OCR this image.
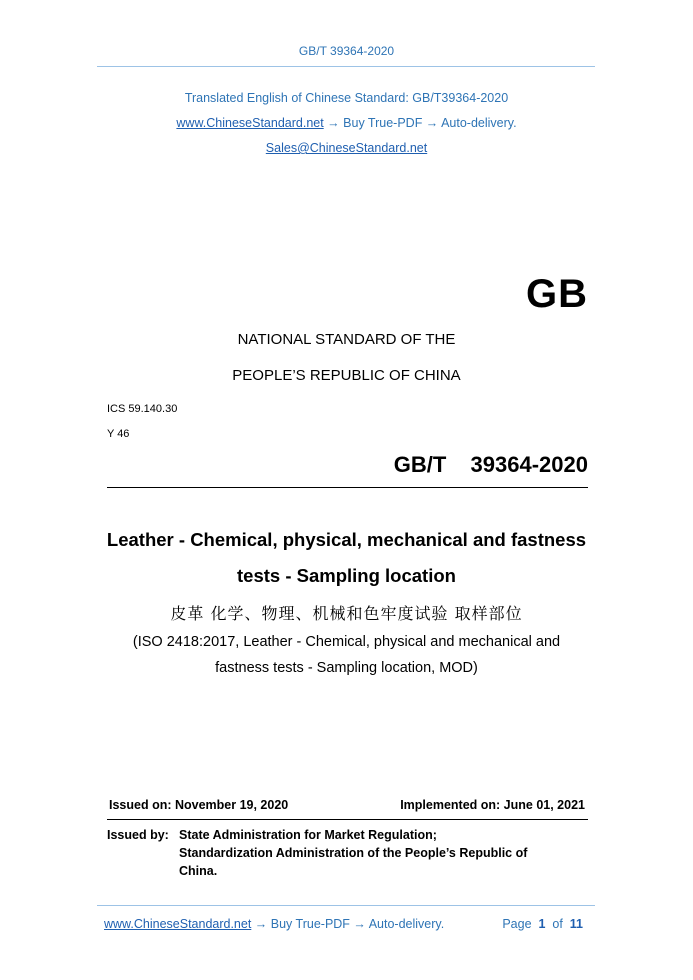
GB/T 39364-2020
Translated English of Chinese Standard: GB/T39364-2020
www.ChineseStandard.net → Buy True-PDF → Auto-delivery.
Sales@ChineseStandard.net
GB
NATIONAL STANDARD OF THE
PEOPLE’S REPUBLIC OF CHINA
ICS 59.140.30
Y 46
GB/T  39364-2020
Leather - Chemical, physical, mechanical and fastness
tests - Sampling location
皮革 化学、物理、机械和色牢度试验 取样部位
(ISO 2418:2017, Leather - Chemical, physical and mechanical and
fastness tests - Sampling location, MOD)
Issued on: November 19, 2020	Implemented on: June 01, 2021
Issued by: State Administration for Market Regulation;
Standardization Administration of the People’s Republic of
China.
www.ChineseStandard.net → Buy True-PDF → Auto-delivery.	Page 1 of 11
